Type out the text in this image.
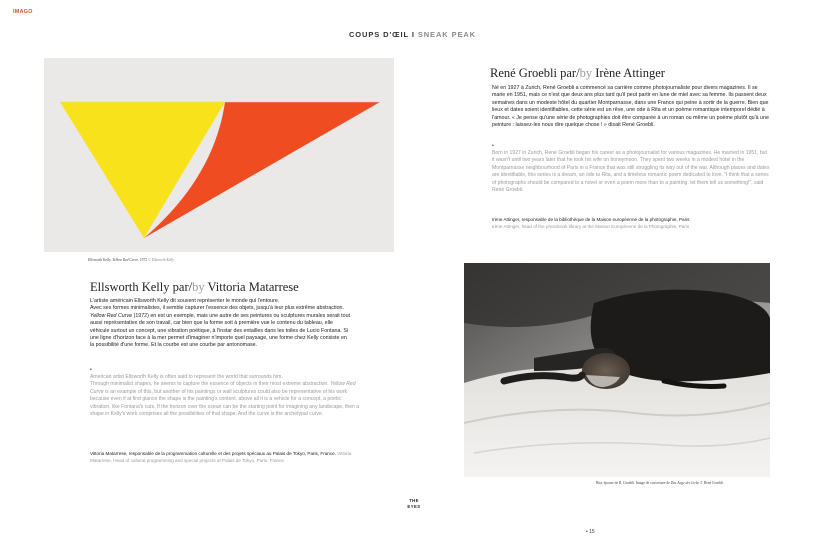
IMAGO
COUPS D'ŒIL I SNEAK PEAK
Ellsworth Kelly, Yellow Red Curve, 1972 © Ellsworth Kelly
René Groebli par/by Irène Attinger

Né en 1927 à Zurich, René Groebli a commencé sa carrière comme photojournaliste pour divers magazines. Il se marie en 1951, mais ce n'est que deux ans plus tard qu'il peut partir en lune de miel avec sa femme. Ils passent deux semaines dans un modeste hôtel du quartier Montparnasse, dans une France qui peine à sortir de la guerre. Bien que lieux et dates soient identifiables, cette série est un rêve, une ode à Rita et un poème romantique intemporel dédié à l'amour. « Je pense qu'une série de photographies doit être comparée à un roman ou même un poème plutôt qu'à une peinture : laissez-les nous dire quelque chose ! » disait René Groebli.

•

Born in 1927 in Zurich, René Groebli began his career as a photojournalist for various magazines. He married in 1951, but it wasn't until two years later that he took his wife on honeymoon. They spent two weeks in a modest hotel in the Montparnasse neighbourhood of Paris in a France that was still struggling its way out of the war. Although places and dates are identifiable, this series is a dream, an ode to Rita, and a timeless romantic poem dedicated to love. "I think that a series of photographs should be compared to a novel or even a poem more than to a painting: let them tell us something!", said René Groebli.

Irène Attinger, responsable de la bibliothèque de la Maison européenne de la photographie, Paris
Irène Attinger, head of the photobook library at the Maison Européenne de la Photographie, Paris
Rita, épouse de R. Groebli. Image de couverture de Das Auge der Liebe © René Groebli
Ellsworth Kelly par/by Vittoria Matarrese

L'artiste américain Ellsworth Kelly dit souvent représenter le monde qui l'entoure.

Avec ses formes minimalistes, il semble capturer l'essence des objets, jusqu'à leur plus extrême abstraction. Yellow Red Curve (1972) en est un exemple, mais une autre de ses peintures ou sculptures murales serait tout aussi représentative de son travail, car bien que la forme soit à première vue le contenu du tableau, elle véhicule surtout un concept, une vibration poétique, à l'instar des entailles dans les toiles de Lucio Fontana. Si une ligne d'horizon face à la mer permet d'imaginer n'importe quel paysage, une forme chez Kelly consiste en la possibilité d'une forme. Et la courbe est une courbe par antonomase.

•

American artist Ellsworth Kelly is often said to represent the world that surrounds him.

Through minimalist shapes, he seems to capture the essence of objects in their most extreme abstraction. Yellow Red Curve is an example of this, but another of his paintings or wall sculptures could also be representative of his work because even if at first glance the shape is the painting's content, above all it is a vehicle for a concept, a poetic vibration, like Fontana's cuts. If the horizon over the ocean can be the starting point for imagining any landscape, then a shape in Kelly's work comprises all the possibilities of that shape. And the curve is the archetypal curve.

Vittoria Matarrese, responsable de la programmation culturelle et des projets spéciaux au Palais de Tokyo, Paris, France. Vittoria Matarrese, Head of cultural programming and special projects at Palais de Tokyo, Paris, France
THE
EYES
• 15
